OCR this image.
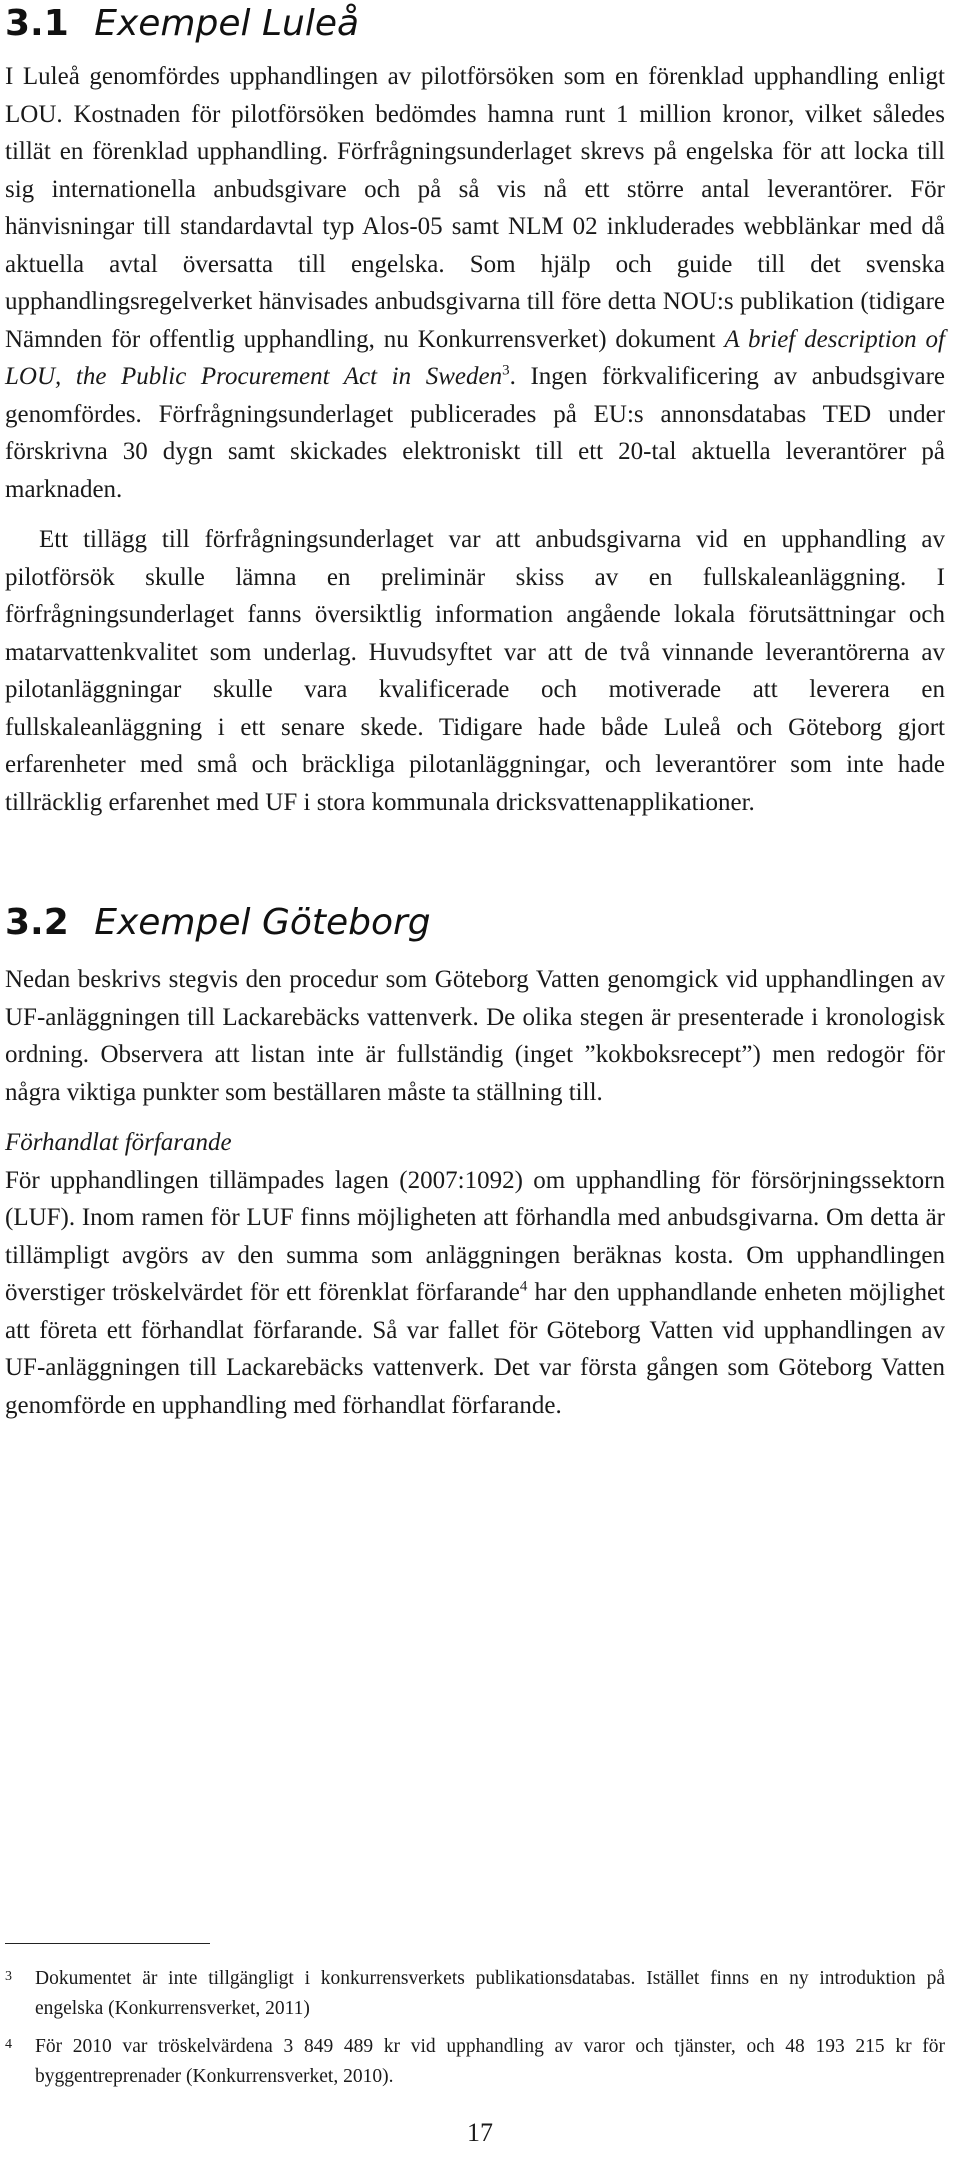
3.1 Exempel Luleå

I Luleå genomfördes upphandlingen av pilotförsöken som en förenklad upphandling enligt LOU. Kostnaden för pilotförsöken bedömdes hamna runt 1 million kronor, vilket således tillät en förenklad upphandling. Förfrågningsunderlaget skrevs på engelska för att locka till sig internationella anbudsgivare och på så vis nå ett större antal leverantörer. För hänvisningar till standardavtal typ Alos-05 samt NLM 02 inkluderades webblänkar med då aktuella avtal översatta till engelska. Som hjälp och guide till det svenska upphandlingsregelverket hänvisades anbudsgivarna till före detta NOU:s publikation (tidigare Nämnden för offentlig upphandling, nu Konkurrensverket) dokument A brief description of LOU, the Public Procurement Act in Sweden$^3$. Ingen förkvalificering av anbudsgivare genomfördes. Förfrågningsunderlaget publicerades på EU:s annonsdatabas TED under förskrivna 30 dygn samt skickades elektroniskt till ett 20-tal aktuella leverantörer på marknaden.

Ett tillägg till förfrågningsunderlaget var att anbudsgivarna vid en upphandling av pilotförsök skulle lämna en preliminär skiss av en fullskaleanläggning. I förfrågningsunderlaget fanns översiktlig information angående lokala förutsättningar och matarvattenkvalitet som underlag. Huvudsyftet var att de två vinnande leverantörerna av pilotanläggningar skulle vara kvalificerade och motiverade att leverera en fullskaleanläggning i ett senare skede. Tidigare hade både Luleå och Göteborg gjort erfarenheter med små och bräckliga pilotanläggningar, och leverantörer som inte hade tillräcklig erfarenhet med UF i stora kommunala dricksvattenapplikationer.

3.2 Exempel Göteborg

Nedan beskrivs stegvis den procedur som Göteborg Vatten genomgick vid upphandlingen av UF-anläggningen till Lackarebäcks vattenverk. De olika stegen är presenterade i kronologisk ordning. Observera att listan inte är fullständig (inget ”kokboksrecept”) men redogör för några viktiga punkter som beställaren måste ta ställning till.

Förhandlat förfarande

För upphandlingen tillämpades lagen (2007:1092) om upphandling för försörjningssektorn (LUF). Inom ramen för LUF finns möjligheten att förhandla med anbudsgivarna. Om detta är tillämpligt avgörs av den summa som anläggningen beräknas kosta. Om upphandlingen överstiger tröskelvärdet för ett förenklat förfarande$^4$ har den upphandlande enheten möjlighet att företa ett förhandlat förfarande. Så var fallet för Göteborg Vatten vid upphandlingen av UF-anläggningen till Lackarebäcks vattenverk. Det var första gången som Göteborg Vatten genomförde en upphandling med förhandlat förfarande.

3 Dokumentet är inte tillgängligt i konkurrensverkets publikationsdatabas. Istället finns en ny introduktion på engelska (Konkurrensverket, 2011)
4 För 2010 var tröskelvärdena 3 849 489 kr vid upphandling av varor och tjänster, och 48 193 215 kr för byggentreprenader (Konkurrensverket, 2010).
17
